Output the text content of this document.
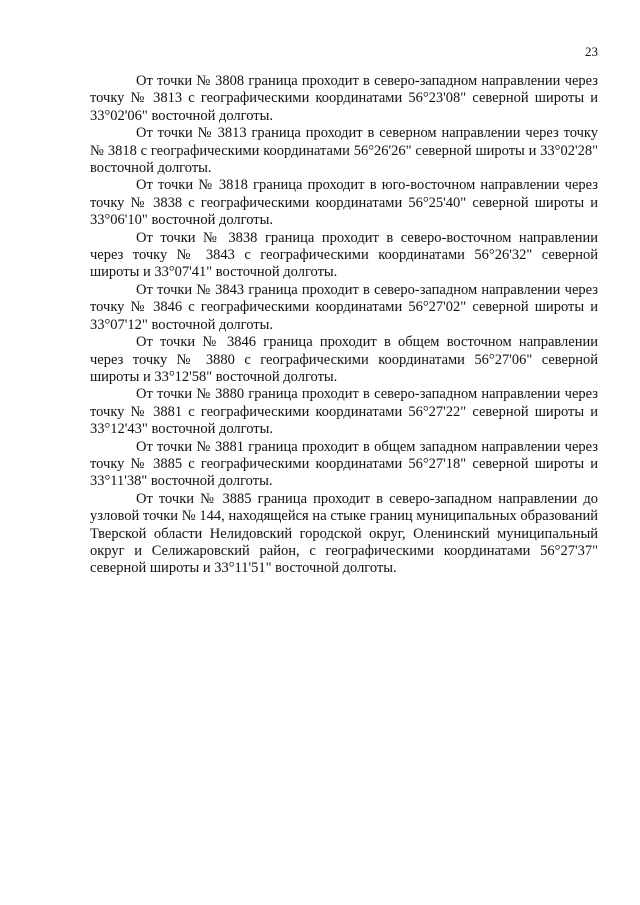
23

От точки № 3808 граница проходит в северо-западном направлении через точку № 3813 с географическими координатами 56°23'08" северной широты и 33°02'06" восточной долготы.

От точки № 3813 граница проходит в северном направлении через точку № 3818 с географическими координатами 56°26'26" северной широты и 33°02'28" восточной долготы.

От точки № 3818 граница проходит в юго-восточном направлении через точку № 3838 с географическими координатами 56°25'40" северной широты и 33°06'10" восточной долготы.

От точки № 3838 граница проходит в северо-восточном направлении через точку № 3843 с географическими координатами 56°26'32" северной широты и 33°07'41" восточной долготы.

От точки № 3843 граница проходит в северо-западном направлении через точку № 3846 с географическими координатами 56°27'02" северной широты и 33°07'12" восточной долготы.

От точки № 3846 граница проходит в общем восточном направлении через точку № 3880 с географическими координатами 56°27'06" северной широты и 33°12'58" восточной долготы.

От точки № 3880 граница проходит в северо-западном направлении через точку № 3881 с географическими координатами 56°27'22" северной широты и 33°12'43" восточной долготы.

От точки № 3881 граница проходит в общем западном направлении через точку № 3885 с географическими координатами 56°27'18" северной широты и 33°11'38" восточной долготы.

От точки № 3885 граница проходит в северо-западном направлении до узловой точки № 144, находящейся на стыке границ муниципальных образований Тверской области Нелидовский городской округ, Оленинский муниципальный округ и Селижаровский район, с географическими координатами 56°27'37" северной широты и 33°11'51" восточной долготы.
